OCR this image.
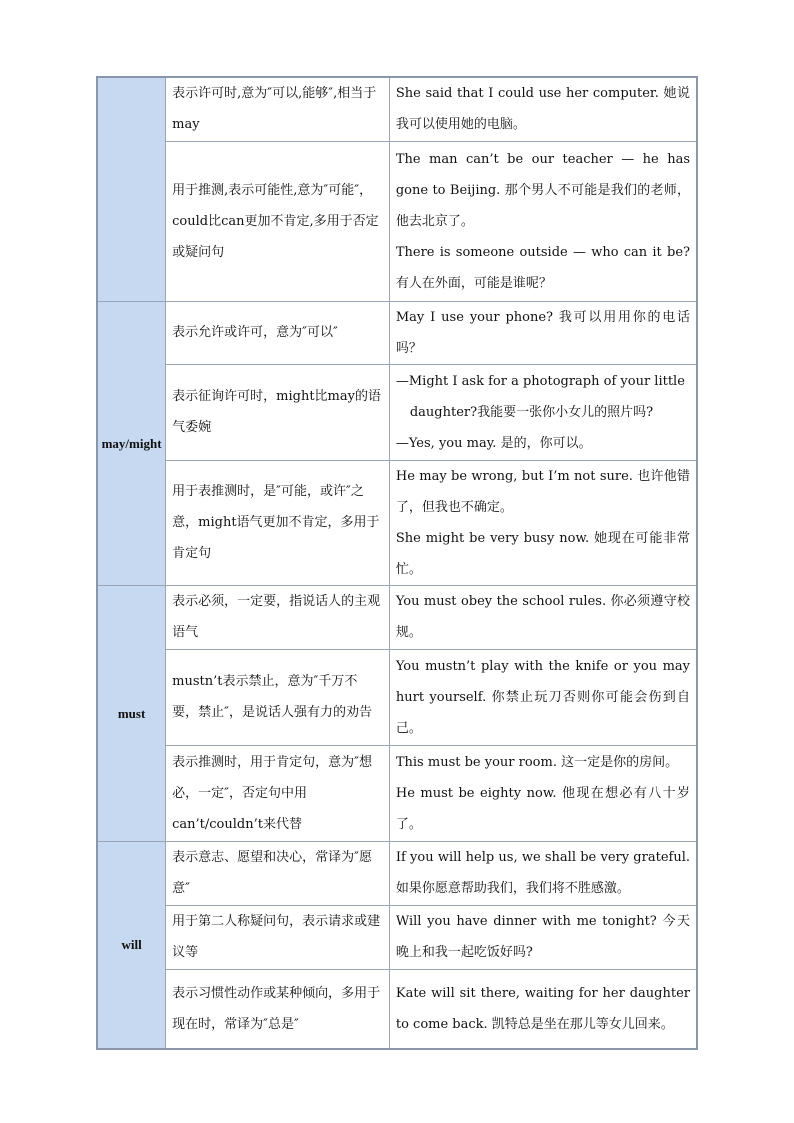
	表示许可时,意为″可以,能够″,相当于may	She said that I could use her computer. 她说我可以使用她的电脑。

	用于推测,表示可能性,意为″可能″，could比can更加不肯定,多用于否定或疑问句	The man can’t be our teacher — he has gone to Beijing. 那个男人不可能是我们的老师，他去北京了。

There is someone outside — who can it be? 有人在外面，可能是谁呢？

may/might	表示允许或许可，意为″可以″	May I use your phone? 我可以用用你的电话吗？

	表示征询许可时，might比may的语气委婉	—Might I ask for a photograph of your little

daughter?我能要一张你小女儿的照片吗?

—Yes, you may. 是的，你可以。

	用于表推测时，是″可能，或许″之意，might语气更加不肯定，多用于肯定句	He may be wrong, but I’m not sure. 也许他错了，但我也不确定。

She might be very busy now. 她现在可能非常忙。

must	表示必须，一定要，指说话人的主观语气	You must obey the school rules. 你必须遵守校规。

	mustn’t表示禁止，意为″千万不要，禁止″，是说话人强有力的劝告	You mustn’t play with the knife or you may hurt yourself. 你禁止玩刀否则你可能会伤到自己。

	表示推测时，用于肯定句，意为″想必，一定″，否定句中用can’t/couldn’t来代替	This must be your room. 这一定是你的房间。

He must be eighty now. 他现在想必有八十岁了。

will	表示意志、愿望和决心，常译为″愿意″	If you will help us, we shall be very grateful. 如果你愿意帮助我们，我们将不胜感激。

	用于第二人称疑问句，表示请求或建议等	Will you have dinner with me tonight? 今天晚上和我一起吃饭好吗?

	表示习惯性动作或某种倾向，多用于现在时，常译为″总是″	Kate will sit there, waiting for her daughter to come back. 凯特总是坐在那儿等女儿回来。
